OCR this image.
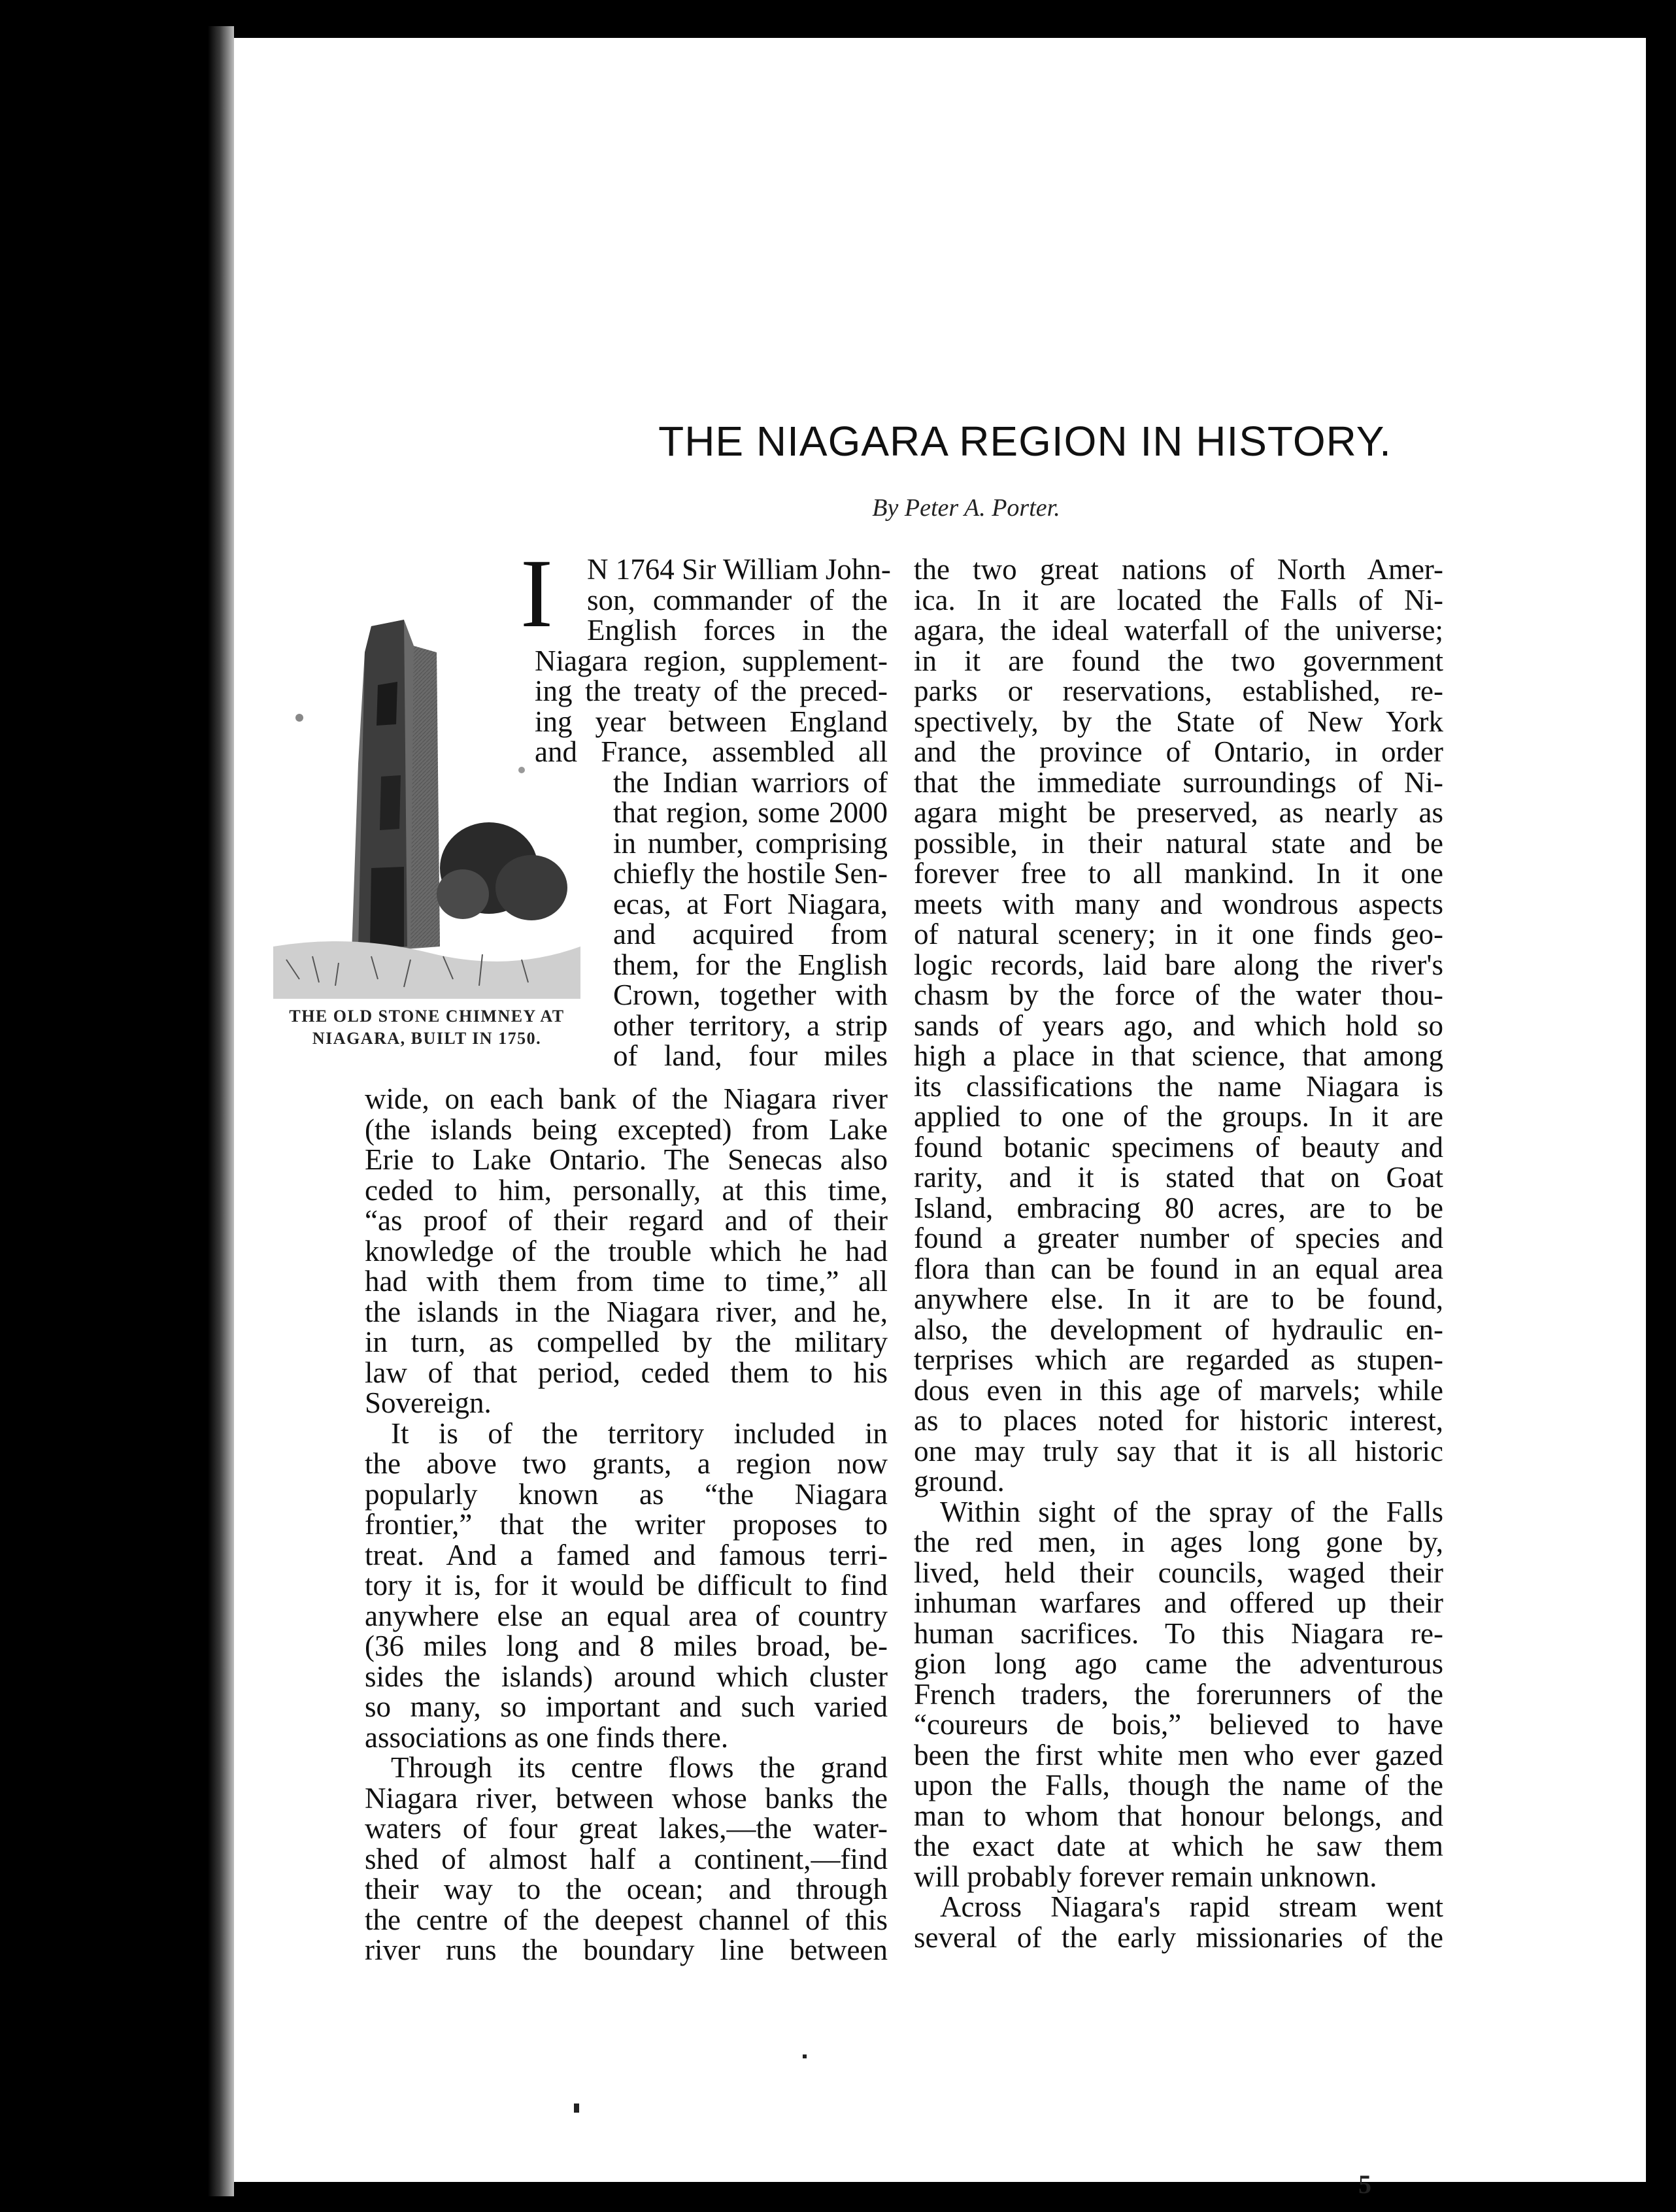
THE NIAGARA REGION IN HISTORY.
By Peter A. Porter.
THE OLD STONE CHIMNEY AT
NIAGARA, BUILT IN 1750.
I N 1764 Sir William John-
son, commander of the
English forces in the
Niagara region, supplement-
ing the treaty of the preced-
ing year between England
and France, assembled all
the Indian warriors of
that region, some 2000
in number, comprising
chiefly the hostile Sen-
ecas, at Fort Niagara,
and acquired from
them, for the English
Crown, together with
other territory, a strip
of land, four miles
wide, on each bank of the Niagara river
(the islands being excepted) from Lake
Erie to Lake Ontario. The Senecas also
ceded to him, personally, at this time,
“as proof of their regard and of their
knowledge of the trouble which he had
had with them from time to time,” all
the islands in the Niagara river, and he,
in turn, as compelled by the military
law of that period, ceded them to his
Sovereign.
It is of the territory included in
the above two grants, a region now
popularly known as “the Niagara
frontier,” that the writer proposes to
treat. And a famed and famous terri-
tory it is, for it would be difficult to find
anywhere else an equal area of country
(36 miles long and 8 miles broad, be-
sides the islands) around which cluster
so many, so important and such varied
associations as one finds there.
Through its centre flows the grand
Niagara river, between whose banks the
waters of four great lakes,—the water-
shed of almost half a continent,—find
their way to the ocean; and through
the centre of the deepest channel of this
river runs the boundary line between
the two great nations of North Amer-
ica. In it are located the Falls of Ni-
agara, the ideal waterfall of the universe;
in it are found the two government
parks or reservations, established, re-
spectively, by the State of New York
and the province of Ontario, in order
that the immediate surroundings of Ni-
agara might be preserved, as nearly as
possible, in their natural state and be
forever free to all mankind. In it one
meets with many and wondrous aspects
of natural scenery; in it one finds geo-
logic records, laid bare along the river's
chasm by the force of the water thou-
sands of years ago, and which hold so
high a place in that science, that among
its classifications the name Niagara is
applied to one of the groups. In it are
found botanic specimens of beauty and
rarity, and it is stated that on Goat
Island, embracing 80 acres, are to be
found a greater number of species and
flora than can be found in an equal area
anywhere else. In it are to be found,
also, the development of hydraulic en-
terprises which are regarded as stupen-
dous even in this age of marvels; while
as to places noted for historic interest,
one may truly say that it is all historic
ground.
Within sight of the spray of the Falls
the red men, in ages long gone by,
lived, held their councils, waged their
inhuman warfares and offered up their
human sacrifices. To this Niagara re-
gion long ago came the adventurous
French traders, the forerunners of the
“coureurs de bois,” believed to have
been the first white men who ever gazed
upon the Falls, though the name of the
man to whom that honour belongs, and
the exact date at which he saw them
will probably forever remain unknown.
Across Niagara's rapid stream went
several of the early missionaries of the
5
